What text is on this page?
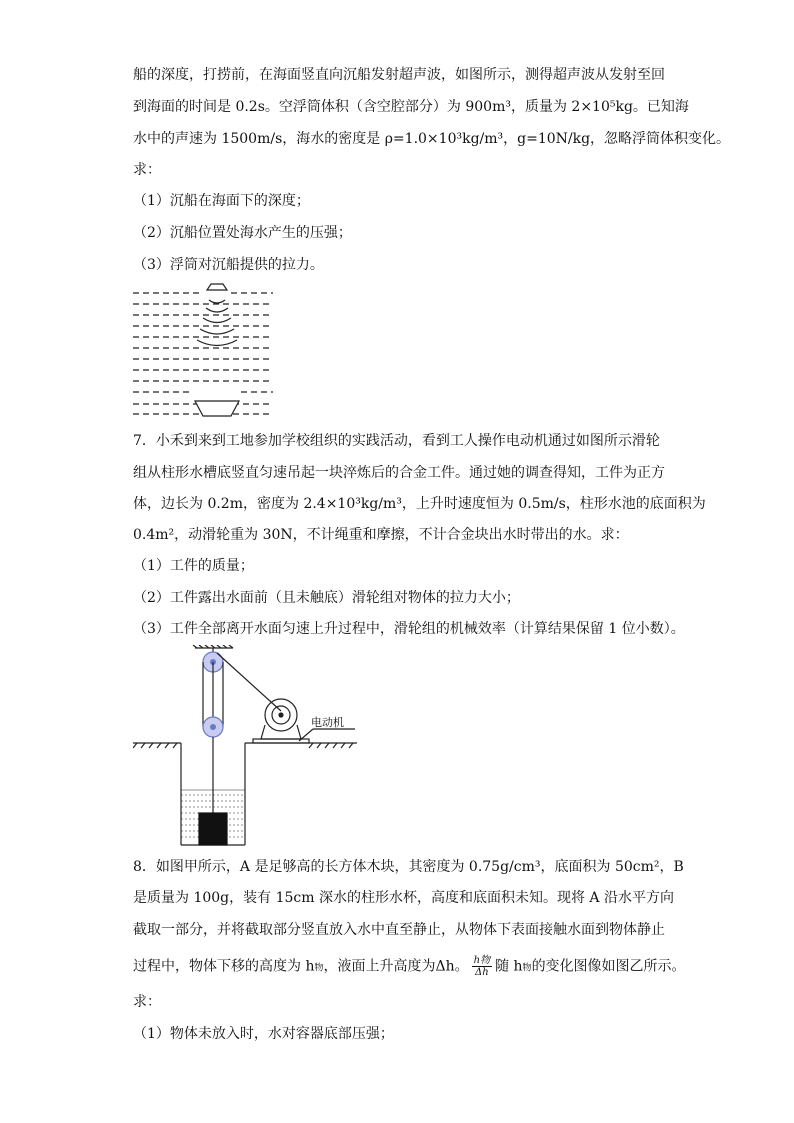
船的深度，打捞前，在海面竖直向沉船发射超声波，如图所示，测得超声波从发射至回
到海面的时间是 0.2s。空浮筒体积（含空腔部分）为 900m³，质量为 2×10⁵kg。已知海
水中的声速为 1500m/s，海水的密度是 ρ=1.0×10³kg/m³，g=10N/kg，忽略浮筒体积变化。
求：
（1）沉船在海面下的深度；
（2）沉船位置处海水产生的压强；
（3）浮筒对沉船提供的拉力。
7．小禾到来到工地参加学校组织的实践活动，看到工人操作电动机通过如图所示滑轮
组从柱形水槽底竖直匀速吊起一块淬炼后的合金工件。通过她的调查得知，工件为正方
体，边长为 0.2m，密度为 2.4×10³kg/m³，上升时速度恒为 0.5m/s，柱形水池的底面积为
0.4m²，动滑轮重为 30N，不计绳重和摩擦，不计合金块出水时带出的水。求：
（1）工件的质量；
（2）工件露出水面前（且未触底）滑轮组对物体的拉力大小；
（3）工件全部离开水面匀速上升过程中，滑轮组的机械效率（计算结果保留 1 位小数）。
电动机
8．如图甲所示，A 是足够高的长方体木块，其密度为 0.75g/cm³，底面积为 50cm²，B
是质量为 100g，装有 15cm 深水的柱形水杯，高度和底面积未知。现将 A 沿水平方向
截取一部分，并将截取部分竖直放入水中直至静止，从物体下表面接触水面到物体静止
过程中，物体下移的高度为 h物，液面上升高度为Δh。 $\frac{\text{h物}}{\Delta h}$ 随 h物的变化图像如图乙所示。
求：
（1）物体未放入时，水对容器底部压强；
